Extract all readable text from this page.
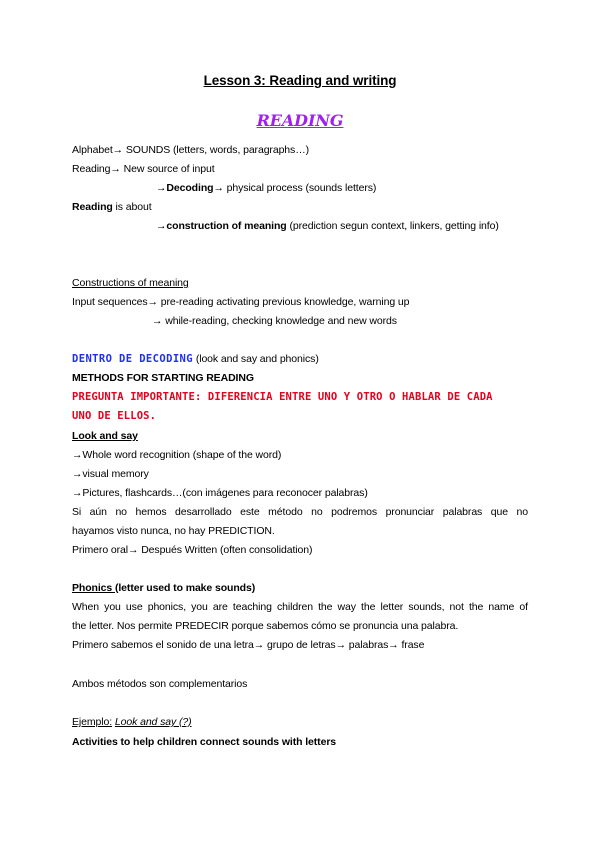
Lesson 3: Reading and writing
READING
Alphabet→ SOUNDS (letters, words, paragraphs…)
Reading→ New source of input
→Decoding→ physical process (sounds letters)
Reading is about
→construction of meaning (prediction segun context, linkers, getting info)
Constructions of meaning
Input sequences→ pre-reading activating previous knowledge, warning up
→ while-reading, checking knowledge and new words
DENTRO DE DECODING (look and say and phonics)
METHODS FOR STARTING READING
PREGUNTA IMPORTANTE: DIFERENCIA ENTRE UNO Y OTRO O HABLAR DE CADA
UNO DE ELLOS.
Look and say
→Whole word recognition (shape of the word)
→visual memory
→Pictures, flashcards…(con imágenes para reconocer palabras)
Si aún no hemos desarrollado este método no podremos pronunciar palabras que no
hayamos visto nunca, no hay PREDICTION.
Primero oral→ Después Written (often consolidation)
Phonics (letter used to make sounds)
When you use phonics, you are teaching children the way the letter sounds, not the name of
the letter. Nos permite PREDECIR porque sabemos cómo se pronuncia una palabra.
Primero sabemos el sonido de una letra→ grupo de letras→ palabras→ frase
Ambos métodos son complementarios
Ejemplo: Look and say (?)
Activities to help children connect sounds with letters
